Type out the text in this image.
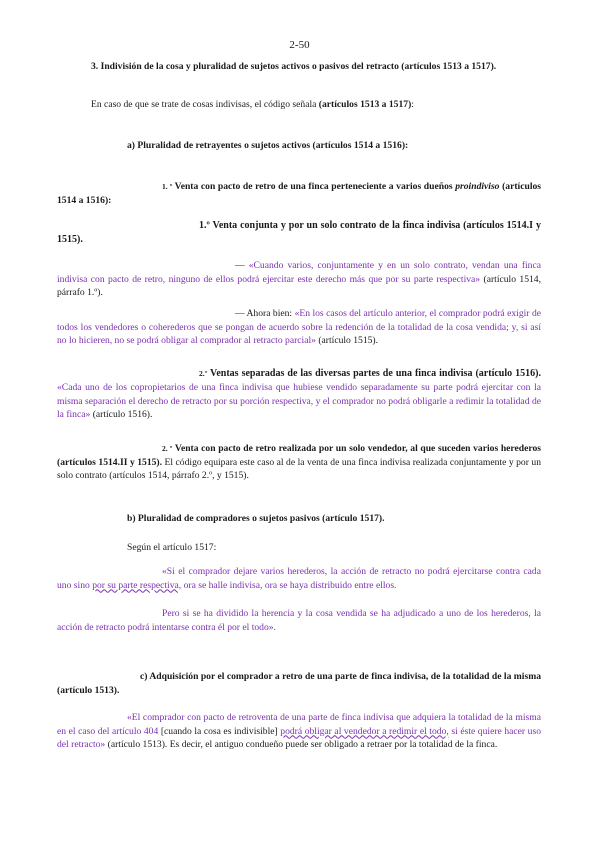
2-50
3. Indivisión de la cosa y pluralidad de sujetos activos o pasivos del retracto (artículos 1513 a 1517).
En caso de que se trate de cosas indivisas, el código señala (artículos 1513 a 1517):
a) Pluralidad de retrayentes o sujetos activos (artículos 1514 a 1516):
1. º Venta con pacto de retro de una finca perteneciente a varios dueños proindiviso (artículos 1514 a 1516):
1.º Venta conjunta y por un solo contrato de la finca indivisa (artículos 1514.I y 1515).
— «Cuando varios, conjuntamente y en un solo contrato, vendan una finca indivisa con pacto de retro, ninguno de ellos podrá ejercitar este derecho más que por su parte respectiva» (artículo 1514, párrafo 1.º).
— Ahora bien: «En los casos del artículo anterior, el comprador podrá exigir de todos los vendedores o coherederos que se pongan de acuerdo sobre la redención de la totalidad de la cosa vendida; y, si así no lo hicieren, no se podrá obligar al comprador al retracto parcial» (artículo 1515).
2.º Ventas separadas de las diversas partes de una finca indivisa (artículo 1516). «Cada uno de los copropietarios de una finca indivisa que hubiese vendido separadamente su parte podrá ejercitar con la misma separación el derecho de retracto por su porción respectiva, y el comprador no podrá obligarle a redimir la totalidad de la finca» (artículo 1516).
2. º Venta con pacto de retro realizada por un solo vendedor, al que suceden varios herederos (artículos 1514.II y 1515). El código equipara este caso al de la venta de una finca indivisa realizada conjuntamente y por un solo contrato (artículos 1514, párrafo 2.º, y 1515).
b) Pluralidad de compradores o sujetos pasivos (artículo 1517).
Según el artículo 1517:
«Si el comprador dejare varios herederos, la acción de retracto no podrá ejercitarse contra cada uno sino por su parte respectiva, ora se halle indivisa, ora se haya distribuido entre ellos.
Pero si se ha dividido la herencia y la cosa vendida se ha adjudicado a uno de los herederos, la acción de retracto podrá intentarse contra él por el todo».
c) Adquisición por el comprador a retro de una parte de finca indivisa, de la totalidad de la misma (artículo 1513).
«El comprador con pacto de retroventa de una parte de finca indivisa que adquiera la totalidad de la misma en el caso del artículo 404 [cuando la cosa es indivisible] podrá obligar al vendedor a redimir el todo, si éste quiere hacer uso del retracto» (artículo 1513). Es decir, el antiguo condueño puede ser obligado a retraer por la totalidad de la finca.
